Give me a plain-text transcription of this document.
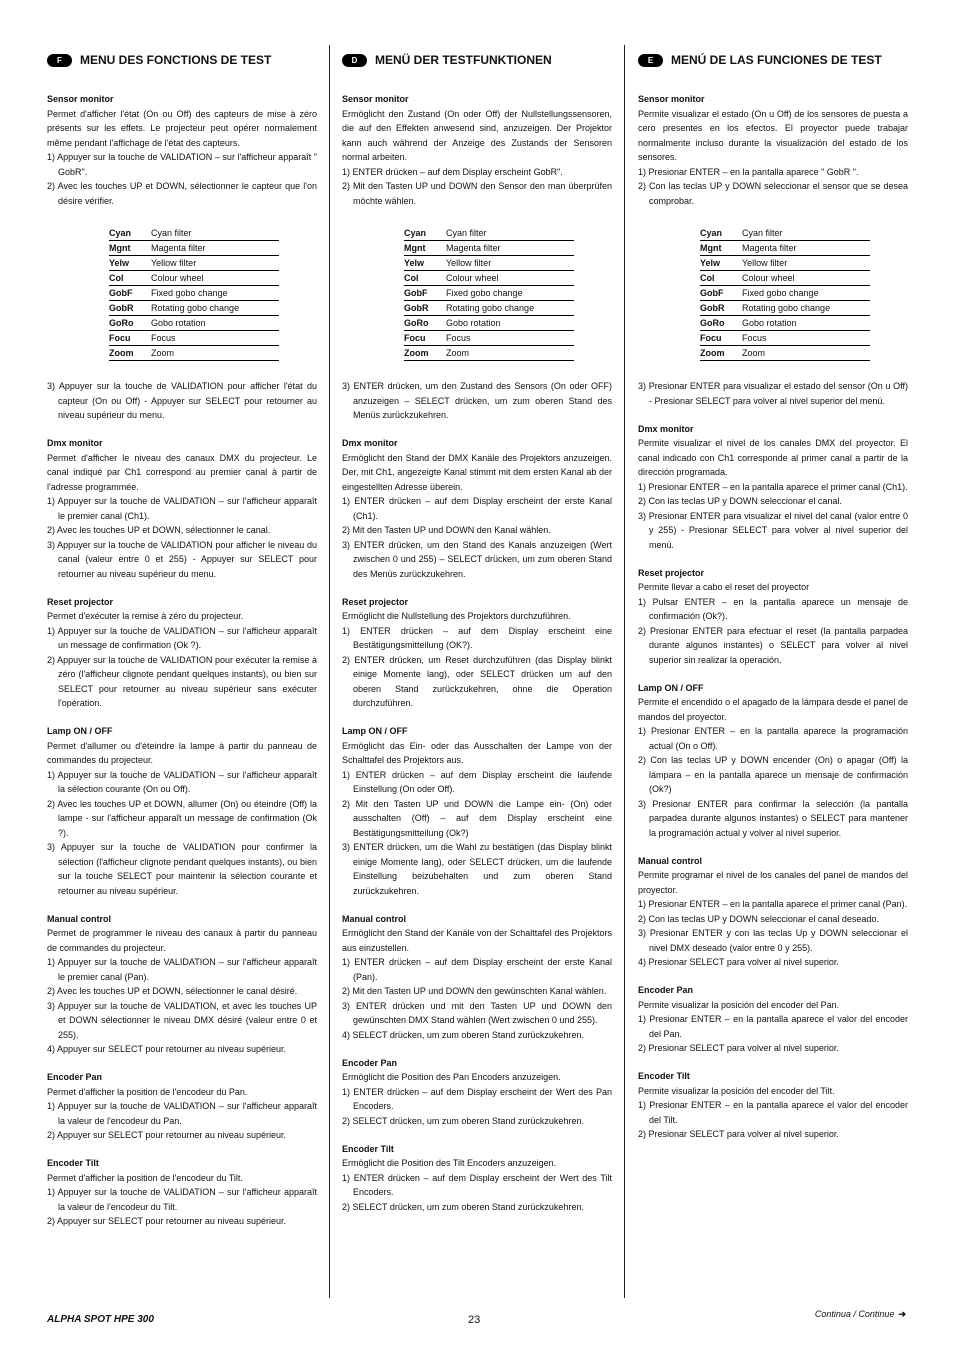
F	MENU DES FONCTIONS DE TEST
Sensor monitor

Permet d'afficher l'état (On ou Off) des capteurs de mise à zéro présents sur les effets. Le projecteur peut opérer normalement même pendant l'affichage de l'état des capteurs.

1) Appuyer sur la touche de VALIDATION – sur l'afficheur apparaît " GobR".

2) Avec les touches UP et DOWN, sélectionner le capteur que l'on désire vérifier.

Cyan	Cyan filter
Mgnt	Magenta filter
Yelw	Yellow filter
Col	Colour wheel
GobF	Fixed gobo change
GobR	Rotating gobo change
GoRo	Gobo rotation
Focu	Focus
Zoom	Zoom

3) Appuyer sur la touche de VALIDATION pour afficher l'état du capteur (On ou Off) - Appuyer sur SELECT pour retourner au niveau supérieur du menu.

Dmx monitor

Permet d'afficher le niveau des canaux DMX du projecteur. Le canal indiqué par Ch1 correspond au premier canal à partir de l'adresse programmée.

1) Appuyer sur la touche de VALIDATION – sur l'afficheur apparaît le premier canal (Ch1).

2) Avec les touches UP et DOWN, sélectionner le canal.

3) Appuyer sur la touche de VALIDATION pour afficher le niveau du canal (valeur entre 0 et 255) - Appuyer sur SELECT pour retourner au niveau supérieur du menu.

Reset projector

Permet d'exécuter la remise à zéro du projecteur.

1) Appuyer sur la touche de VALIDATION – sur l'afficheur apparaît un message de confirmation (Ok ?).

2) Appuyer sur la touche de VALIDATION pour exécuter la remise à zéro (l'afficheur clignote pendant quelques instants), ou bien sur SELECT pour retourner au niveau supérieur sans exécuter l'opération.

Lamp ON / OFF

Permet d'allumer ou d'éteindre la lampe à partir du panneau de commandes du projecteur.

1) Appuyer sur la touche de VALIDATION – sur l'afficheur apparaît la sélection courante (On ou Off).

2) Avec les touches UP et DOWN, allumer (On) ou éteindre (Off) la lampe - sur l'afficheur apparaît un message de confirmation (Ok ?).

3) Appuyer sur la touche de VALIDATION pour confirmer la sélection (l'afficheur clignote pendant quelques instants), ou bien sur la touche SELECT pour maintenir la sélection courante et retourner au niveau supérieur.

Manual control

Permet de programmer le niveau des canaux à partir du panneau de commandes du projecteur.

1) Appuyer sur la touche de VALIDATION – sur l'afficheur apparaît le premier canal (Pan).

2) Avec les touches UP et DOWN, sélectionner le canal désiré.

3) Appuyer sur la touche de VALIDATION, et avec les touches UP et DOWN sélectionner le niveau DMX désiré (valeur entre 0 et 255).

4) Appuyer sur SELECT pour retourner au niveau supérieur.

Encoder Pan

Permet d'afficher la position de l'encodeur du Pan.

1) Appuyer sur la touche de VALIDATION – sur l'afficheur apparaît la valeur de l'encodeur du Pan.

2) Appuyer sur SELECT pour retourner au niveau supérieur.

Encoder Tilt

Permet d'afficher la position de l'encodeur du Tilt.

1) Appuyer sur la touche de VALIDATION – sur l'afficheur apparaît la valeur de l'encodeur du Tilt.

2) Appuyer sur SELECT pour retourner au niveau supérieur.

D	MENÜ DER TESTFUNKTIONEN
Sensor monitor

Ermöglicht den Zustand (On oder Off) der Nullstellungssensoren, die auf den Effekten anwesend sind, anzuzeigen. Der Projektor kann auch während der Anzeige des Zustands der Sensoren normal arbeiten.

1) ENTER drücken – auf dem Display erscheint GobR".

2) Mit den Tasten UP und DOWN den Sensor den man überprüfen möchte wählen.

Cyan	Cyan filter
Mgnt	Magenta filter
Yelw	Yellow filter
Col	Colour wheel
GobF	Fixed gobo change
GobR	Rotating gobo change
GoRo	Gobo rotation
Focu	Focus
Zoom	Zoom

3) ENTER drücken, um den Zustand des Sensors (On oder OFF) anzuzeigen – SELECT drücken, um zum oberen Stand des Menüs zurückzukehren.

Dmx monitor

Ermöglicht den Stand der DMX Kanäle des Projektors anzuzeigen. Der, mit Ch1, angezeigte Kanal stimmt mit dem ersten Kanal ab der eingestellten Adresse überein.

1) ENTER drücken – auf dem Display erscheint der erste Kanal (Ch1).

2) Mit den Tasten UP und DOWN den Kanal wählen.

3) ENTER drücken, um den Stand des Kanals anzuzeigen (Wert zwischen 0 und 255) – SELECT drücken, um zum oberen Stand des Menüs zurückzukehren.

Reset projector

Ermöglicht die Nullstellung des Projektors durchzuführen.

1) ENTER drücken – auf dem Display erscheint eine Bestätigungsmitteilung (OK?).

2) ENTER drücken, um Reset durchzuführen (das Display blinkt einige Momente lang), oder SELECT drücken um auf den oberen Stand zurückzukehren, ohne die Operation durchzuführen.

Lamp ON / OFF

Ermöglicht das Ein- oder das Ausschalten der Lampe von der Schalttafel des Projektors aus.

1) ENTER drücken – auf dem Display erscheint die laufende Einstellung (On oder Off).

2) Mit den Tasten UP und DOWN die Lampe ein- (On) oder ausschalten (Off) – auf dem Display erscheint eine Bestätigungsmitteilung (Ok?)

3) ENTER drücken, um die Wahl zu bestätigen (das Display blinkt einige Momente lang), oder SELECT drücken, um die laufende Einstellung beizubehalten und zum oberen Stand zurückzukehren.

Manual control

Ermöglicht den Stand der Kanäle von der Schalttafel des Projektors aus einzustellen.

1) ENTER drücken – auf dem Display erscheint der erste Kanal (Pan).

2) Mit den Tasten UP und DOWN den gewünschten Kanal wählen.

3) ENTER drücken und mit den Tasten UP und DOWN den gewünschten DMX Stand wählen (Wert zwischen 0 und 255).

4) SELECT drücken, um zum oberen Stand zurückzukehren.

Encoder Pan

Ermöglicht die Position des Pan Encoders anzuzeigen.

1) ENTER drücken – auf dem Display erscheint der Wert des Pan Encoders.

2) SELECT drücken, um zum oberen Stand zurückzukehren.

Encoder Tilt

Ermöglicht die Position des Tilt Encoders anzuzeigen.

1) ENTER drücken – auf dem Display erscheint der Wert des Tilt Encoders.

2) SELECT drücken, um zum oberen Stand zurückzukehren.

E	MENÚ DE LAS FUNCIONES DE TEST
Sensor monitor

Permite visualizar el estado (On u Off) de los sensores de puesta a cero presentes en los efectos. El proyector puede trabajar normalmente incluso durante la visualización del estado de los sensores.

1) Presionar ENTER – en la pantalla aparece " GobR ".

2) Con las teclas UP y DOWN seleccionar el sensor que se desea comprobar.

Cyan	Cyan filter
Mgnt	Magenta filter
Yelw	Yellow filter
Col	Colour wheel
GobF	Fixed gobo change
GobR	Rotating gobo change
GoRo	Gobo rotation
Focu	Focus
Zoom	Zoom

3) Presionar ENTER para visualizar el estado del sensor (On u Off) - Presionar SELECT para volver al nivel superior del menú.

Dmx monitor

Permite visualizar el nivel de los canales DMX del proyector. El canal indicado con Ch1 corresponde al primer canal a partir de la dirección programada.

1) Presionar ENTER – en la pantalla aparece el primer canal (Ch1).

2) Con las teclas UP y DOWN seleccionar el canal.

3) Presionar ENTER para visualizar el nivel del canal (valor entre 0 y 255) - Presionar SELECT para volver al nivel superior del menú.

Reset projector

Permite llevar a cabo el reset del proyector

1) Pulsar ENTER – en la pantalla aparece un mensaje de confirmación (Ok?).

2) Presionar ENTER para efectuar el reset (la pantalla parpadea durante algunos instantes) o SELECT para volver al nivel superior sin realizar la operación.

Lamp ON / OFF

Permite el encendido o el apagado de la lámpara desde el panel de mandos del proyector.

1) Presionar ENTER – en la pantalla aparece la programación actual (On o Off).

2) Con las teclas UP y DOWN encender (On) o apagar (Off) la lámpara – en la pantalla aparece un mensaje de confirmación (Ok?)

3) Presionar ENTER para confirmar la selección (la pantalla parpadea durante algunos instantes) o SELECT para mantener la programación actual y volver al nivel superior.

Manual control

Permite programar el nivel de los canales del panel de mandos del proyector.

1) Presionar ENTER – en la pantalla aparece el primer canal (Pan).

2) Con las teclas UP y DOWN seleccionar el canal deseado.

3) Presionar ENTER y con las teclas Up y DOWN seleccionar el nivel DMX deseado (valor entre 0 y 255).

4) Presionar SELECT para volver al nivel superior.

Encoder Pan

Permite visualizar la posición del encoder del Pan.

1) Presionar ENTER – en la pantalla aparece el valor del encoder del Pan.

2) Presionar SELECT para volver al nivel superior.

Encoder Tilt

Permite visualizar la posición del encoder del Tilt.

1) Presionar ENTER – en la pantalla aparece el valor del encoder del Tilt.

2) Presionar SELECT para volver al nivel superior.

ALPHA SPOT HPE 300	23	Continua / Continue ➔
